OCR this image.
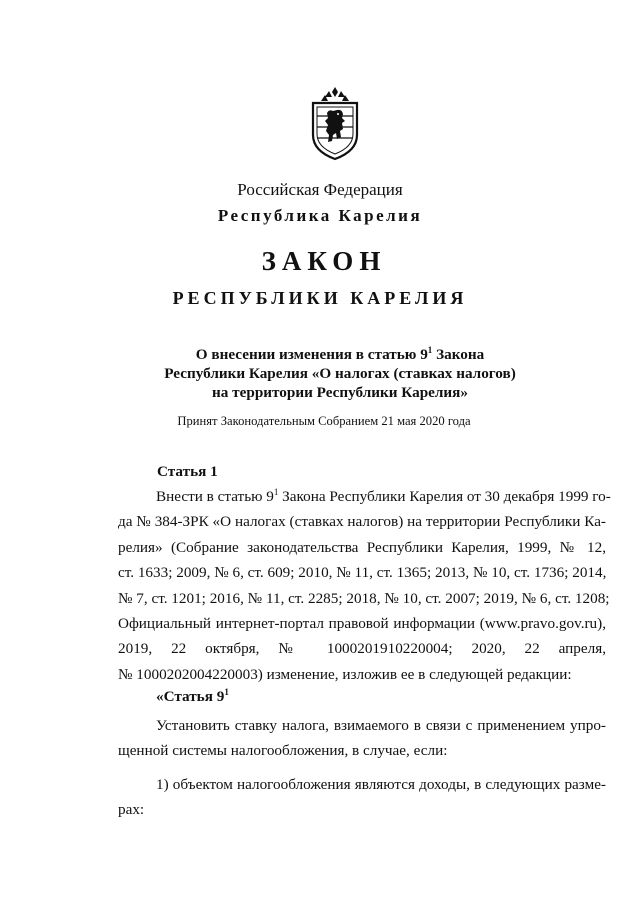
Российская Федерация
Республика Карелия
ЗАКОН
РЕСПУБЛИКИ КАРЕЛИЯ
О внесении изменения в статью $9^1$ Закона
Республики Карелия «О налогах (ставках налогов)
на территории Республики Карелия»
Принят Законодательным Собранием 21 мая 2020 года
Статья 1
Внести в статью $9^1$ Закона Республики Карелия от 30 декабря 1999 го-
да № 384-ЗРК «О налогах (ставках налогов) на территории Республики Ка-
релия» (Собрание законодательства Республики Карелия, 1999, № 12,
ст. 1633; 2009, № 6, ст. 609; 2010, № 11, ст. 1365; 2013, № 10, ст. 1736; 2014,
№ 7, ст. 1201; 2016, № 11, ст. 2285; 2018, № 10, ст. 2007; 2019, № 6, ст. 1208;
Официальный интернет-портал правовой информации (www.pravo.gov.ru),
2019, 22 октября, № 1000201910220004; 2020, 22 апреля,
№ 1000202004220003) изменение, изложив ее в следующей редакции:
«Статья $9^1$
Установить ставку налога, взимаемого в связи с применением упро-
щенной системы налогообложения, в случае, если:
1) объектом налогообложения являются доходы, в следующих разме-
рах:
